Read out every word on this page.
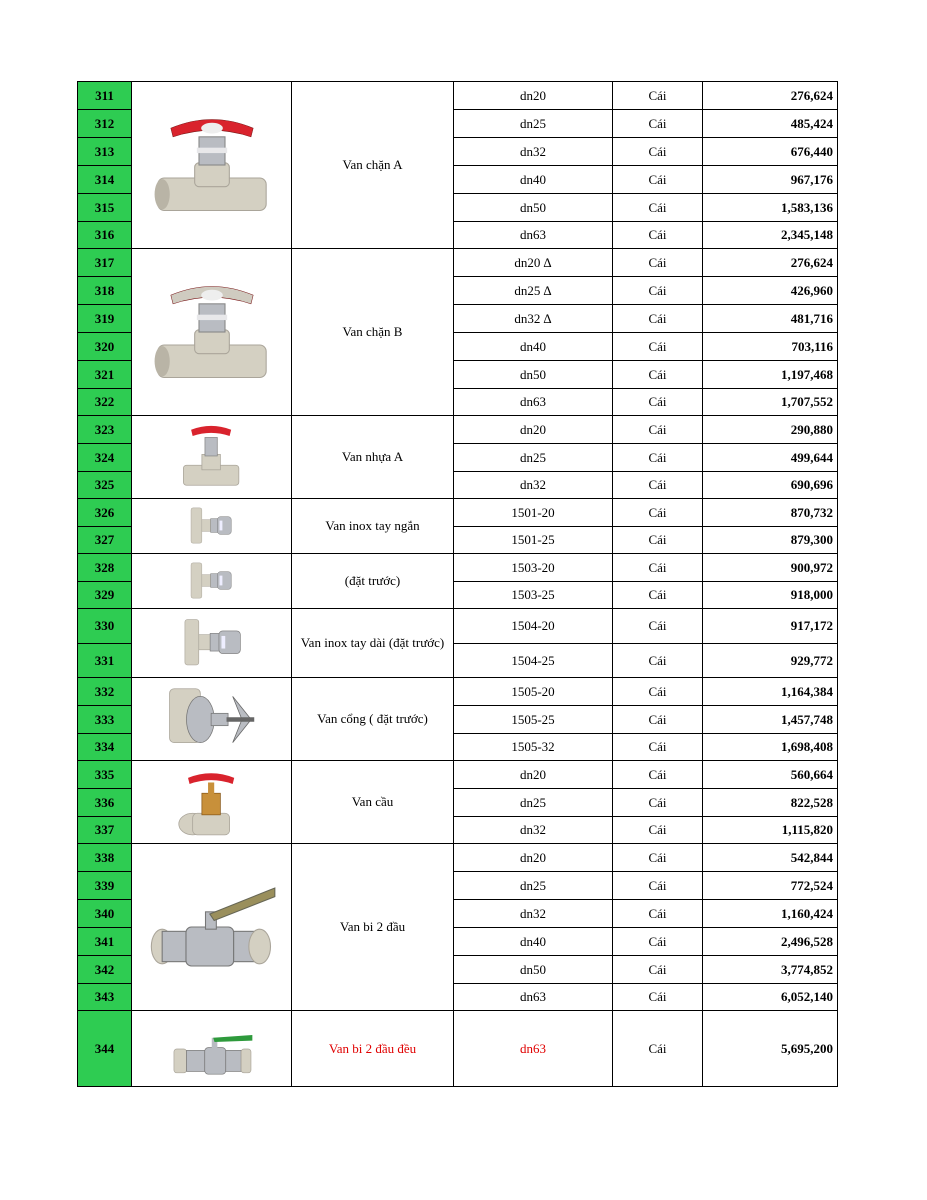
311		Van chặn A	dn20	Cái	276,624
312			dn25	Cái	485,424
313			dn32	Cái	676,440
314			dn40	Cái	967,176
315			dn50	Cái	1,583,136
316			dn63	Cái	2,345,148
317		Van chặn B	dn20 ∆	Cái	276,624
318			dn25 ∆	Cái	426,960
319			dn32 ∆	Cái	481,716
320			dn40	Cái	703,116
321			dn50	Cái	1,197,468
322			dn63	Cái	1,707,552
323		Van nhựa A	dn20	Cái	290,880
324			dn25	Cái	499,644
325			dn32	Cái	690,696
326		Van inox tay ngắn	1501-20	Cái	870,732
327			1501-25	Cái	879,300
328		(đặt trước)	1503-20	Cái	900,972
329			1503-25	Cái	918,000
330		Van inox tay dài (đặt trước)	1504-20	Cái	917,172
331			1504-25	Cái	929,772
332		Van cổng ( đặt trước)	1505-20	Cái	1,164,384
333			1505-25	Cái	1,457,748
334			1505-32	Cái	1,698,408
335		Van cầu	dn20	Cái	560,664
336			dn25	Cái	822,528
337			dn32	Cái	1,115,820
338		Van bi 2 đầu	dn20	Cái	542,844
339			dn25	Cái	772,524
340			dn32	Cái	1,160,424
341			dn40	Cái	2,496,528
342			dn50	Cái	3,774,852
343			dn63	Cái	6,052,140
344		Van bi 2 đầu đều	dn63	Cái	5,695,200
